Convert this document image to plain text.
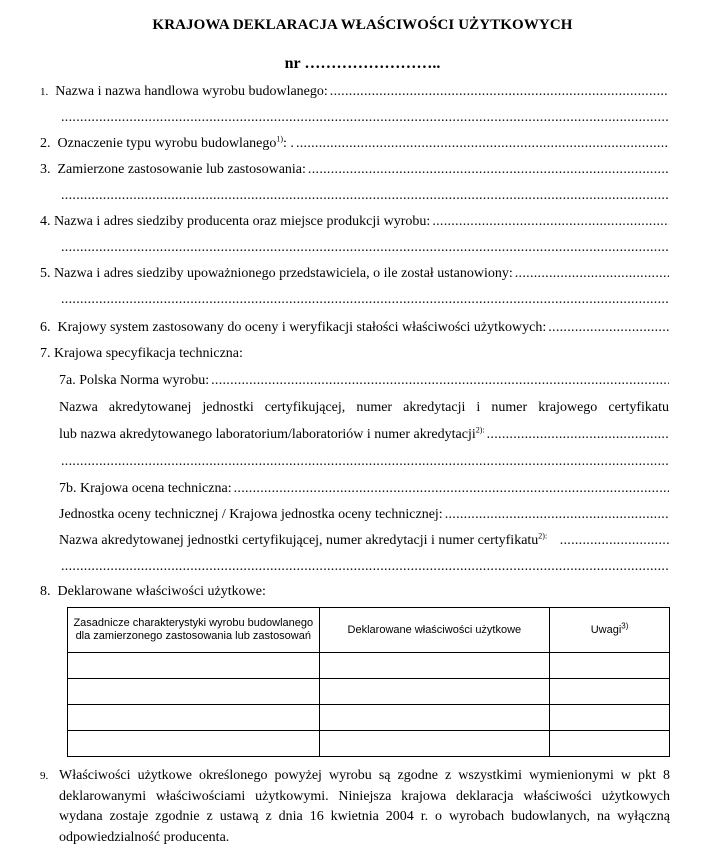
KRAJOWA DEKLARACJA WŁAŚCIWOŚCI UŻYTKOWYCH
nr ……………………..
1. Nazwa i nazwa handlowa wyrobu budowlanego:
.....
.....
2. Oznaczenie typu wyrobu budowlanego$^{1)}$: .
.....
3. Zamierzone zastosowanie lub zastosowania:
.....
.....
4. Nazwa i adres siedziby producenta oraz miejsce produkcji wyrobu:
.....
.....
5. Nazwa i adres siedziby upoważnionego przedstawiciela, o ile został ustanowiony:
.....
.....
6. Krajowy system zastosowany do oceny i weryfikacji stałości właściwości użytkowych:
.....
7. Krajowa specyfikacja techniczna:
7a. Polska Norma wyrobu:
.....
Nazwa akredytowanej jednostki certyfikującej, numer akredytacji i numer krajowego certyfikatu
lub nazwa akredytowanego laboratorium/laboratoriów i numer akredytacji$^{2):}$
.....
.....
7b. Krajowa ocena techniczna:
.....
Jednostka oceny technicznej / Krajowa jednostka oceny technicznej:
.....
Nazwa akredytowanej jednostki certyfikującej, numer akredytacji i numer certyfikatu$^{2):}$
.....
.....
8. Deklarowane właściwości użytkowe:
Zasadnicze charakterystyki wyrobu budowlanego dla zamierzonego zastosowania lub zastosowań	Deklarowane właściwości użytkowe	Uwagi$^{3)}$

9. Właściwości użytkowe określonego powyżej wyrobu są zgodne z wszystkimi wymienionymi w pkt 8 deklarowanymi właściwościami użytkowymi. Niniejsza krajowa deklaracja właściwości użytkowych wydana zostaje zgodnie z ustawą z dnia 16 kwietnia 2004 r. o wyrobach budowlanych, na wyłączną odpowiedzialność producenta.
